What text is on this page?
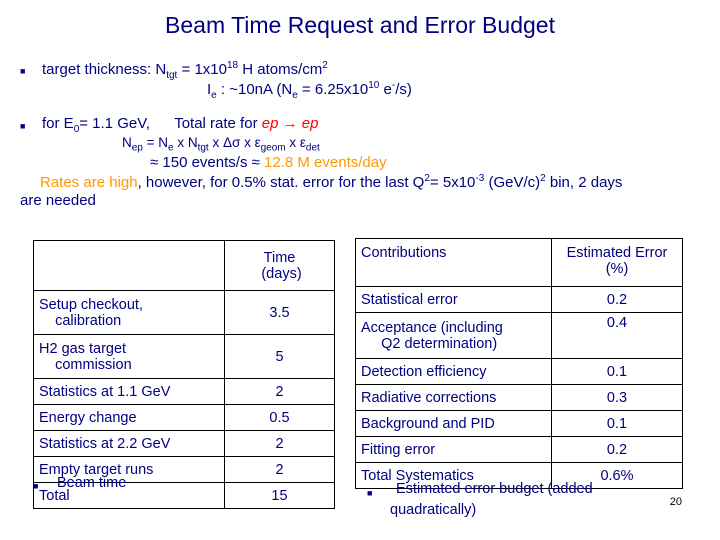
Beam Time Request and Error Budget
■ target thickness: $N_{tgt} = 1x10^{18}$ H atoms/$cm^2$
$I_e$ : ~10nA ($N_e = 6.25x10^{10}$ e-/s)
■ for $E_0= 1.1$ GeV, Total rate for ep → ep
$N_{ep} = N_e$ x $N_{tgt}$ x Δσ x $\varepsilon_{geom}$ x $\varepsilon_{det}$
≈ 150 events/s ≈ 12.8 M events/day
Rates are high, however, for 0.5% stat. error for the last $Q^2= 5x10^{-3}$ $(GeV/c)^2$ bin, 2 days
are needed
	Time
(days)
Setup checkout,
calibration	3.5
H2 gas target
commission	5
Statistics at 1.1 GeV	2
Energy change	0.5
Statistics at 2.2 GeV	2
Empty target runs	2
Total	15
■ Beam time
Contributions	Estimated Error
(%)
Statistical error	0.2
Acceptance (including
Q2 determination)	0.4
Detection efficiency	0.1
Radiative corrections	0.3
Background and PID	0.1
Fitting error	0.2
Total Systematics	0.6%
■ Estimated error budget (added
quadratically)	20
